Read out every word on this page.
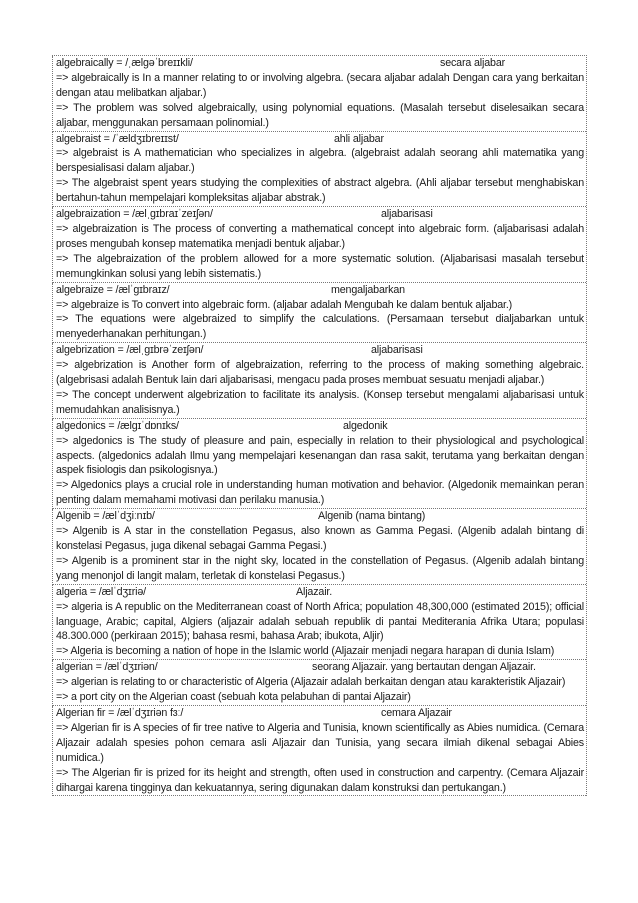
algebraically = /ˌælgəˈbreɪɪkli/	secara aljabar
=> algebraically is In a manner relating to or involving algebra. (secara aljabar adalah Dengan cara yang berkaitan dengan atau melibatkan aljabar.)
=> The problem was solved algebraically, using polynomial equations. (Masalah tersebut diselesaikan secara aljabar, menggunakan persamaan polinomial.)
algebraist = /ˈældʒɪbreɪɪst/	ahli aljabar
=> algebraist is A mathematician who specializes in algebra. (algebraist adalah seorang ahli matematika yang berspesialisasi dalam aljabar.)
=> The algebraist spent years studying the complexities of abstract algebra. (Ahli aljabar tersebut menghabiskan bertahun-tahun mempelajari kompleksitas aljabar abstrak.)
algebraization = /ælˌgɪbraɪˈzeɪʃən/	aljabarisasi
=> algebraization is The process of converting a mathematical concept into algebraic form. (aljabarisasi adalah proses mengubah konsep matematika menjadi bentuk aljabar.)
=> The algebraization of the problem allowed for a more systematic solution. (Aljabarisasi masalah tersebut memungkinkan solusi yang lebih sistematis.)
algebraize = /ælˈgɪbraɪz/	mengaljabarkan
=> algebraize is To convert into algebraic form. (aljabar adalah Mengubah ke dalam bentuk aljabar.)
=> The equations were algebraized to simplify the calculations. (Persamaan tersebut dialjabarkan untuk menyederhanakan perhitungan.)
algebrization = /ælˌgɪbrəˈzeɪʃən/	aljabarisasi
=> algebrization is Another form of algebraization, referring to the process of making something algebraic. (algebrisasi adalah Bentuk lain dari aljabarisasi, mengacu pada proses membuat sesuatu menjadi aljabar.)
=> The concept underwent algebrization to facilitate its analysis. (Konsep tersebut mengalami aljabarisasi untuk memudahkan analisisnya.)
algedonics = /ælgɪˈdɒnɪks/	algedonik
=> algedonics is The study of pleasure and pain, especially in relation to their physiological and psychological aspects. (algedonics adalah Ilmu yang mempelajari kesenangan dan rasa sakit, terutama yang berkaitan dengan aspek fisiologis dan psikologisnya.)
=> Algedonics plays a crucial role in understanding human motivation and behavior. (Algedonik memainkan peran penting dalam memahami motivasi dan perilaku manusia.)
Algenib = /ælˈdʒiːnɪb/	Algenib (nama bintang)
=> Algenib is A star in the constellation Pegasus, also known as Gamma Pegasi. (Algenib adalah bintang di konstelasi Pegasus, juga dikenal sebagai Gamma Pegasi.)
=> Algenib is a prominent star in the night sky, located in the constellation of Pegasus. (Algenib adalah bintang yang menonjol di langit malam, terletak di konstelasi Pegasus.)
algeria = /ælˈdʒɪriə/	Aljazair.
=> algeria is A republic on the Mediterranean coast of North Africa; population 48,300,000 (estimated 2015); official language, Arabic; capital, Algiers (aljazair adalah sebuah republik di pantai Mediterania Afrika Utara; populasi 48.300.000 (perkiraan 2015); bahasa resmi, bahasa Arab; ibukota, Aljir)
=> Algeria is becoming a nation of hope in the Islamic world (Aljazair menjadi negara harapan di dunia Islam)
algerian = /ælˈdʒɪriən/	seorang Aljazair. yang bertautan dengan Aljazair.
=> algerian is relating to or characteristic of Algeria (Aljazair adalah berkaitan dengan atau karakteristik Aljazair)
=> a port city on the Algerian coast (sebuah kota pelabuhan di pantai Aljazair)
Algerian fir = /ælˈdʒɪriən fɜː/	cemara Aljazair
=> Algerian fir is A species of fir tree native to Algeria and Tunisia, known scientifically as Abies numidica. (Cemara Aljazair adalah spesies pohon cemara asli Aljazair dan Tunisia, yang secara ilmiah dikenal sebagai Abies numidica.)
=> The Algerian fir is prized for its height and strength, often used in construction and carpentry. (Cemara Aljazair dihargai karena tingginya dan kekuatannya, sering digunakan dalam konstruksi dan pertukangan.)
